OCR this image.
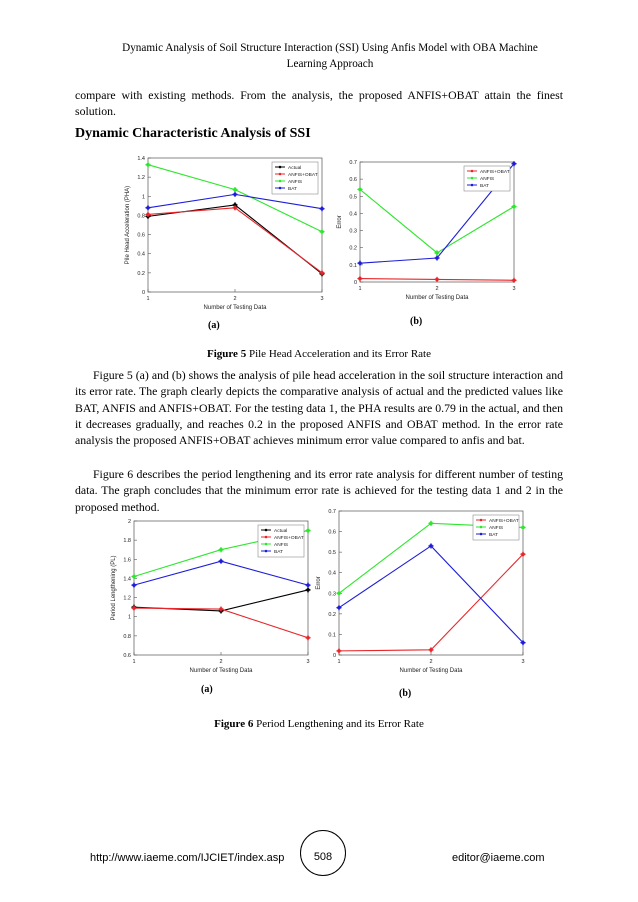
Dynamic Analysis of Soil Structure Interaction (SSI) Using Anfis Model with OBA Machine
Learning Approach
compare with existing methods. From the analysis, the proposed ANFIS+OBAT attain the finest solution.
Dynamic Characteristic Analysis of SSI
0
0.2
0.4
0.6
0.8
1
1.2
1.4
1	2	3
Number of Testing Data
Pile Head Acceleration (PHA)
Actual
ANFIS+OBAT
ANFIS
BAT
0
0.1
0.2
0.3
0.4
0.5
0.6
0.7
1	2	3
Number of Testing Data
Error
ANFIS+OBAT
ANFIS
BAT
(a)	(b)
Figure 5 Pile Head Acceleration and its Error Rate
Figure 5 (a) and (b) shows the analysis of pile head acceleration in the soil structure interaction and its error rate. The graph clearly depicts the comparative analysis of actual and the predicted values like BAT, ANFIS and ANFIS+OBAT. For the testing data 1, the PHA results are 0.79 in the actual, and then it decreases gradually, and reaches 0.2 in the proposed ANFIS and OBAT method. In the error rate analysis the proposed ANFIS+OBAT achieves minimum error value compared to anfis and bat.
Figure 6 describes the period lengthening and its error rate analysis for different number of testing data. The graph concludes that the minimum error rate is achieved for the testing data 1 and 2 in the proposed method.
0.6
0.8
1
1.2
1.4
1.6
1.8
2
1	2	3
Number of Testing Data
Period Lengthening (PL)
Actual
ANFIS+OBAT
ANFIS
BAT
0
0.1
0.2
0.3
0.4
0.5
0.6
0.7
1	2	3
Number of Testing Data
Error
ANFIS+OBAT
ANFIS
BAT
(a)	(b)
Figure 6 Period Lengthening and its Error Rate
http://www.iaeme.com/IJCIET/index.asp	508	editor@iaeme.com
